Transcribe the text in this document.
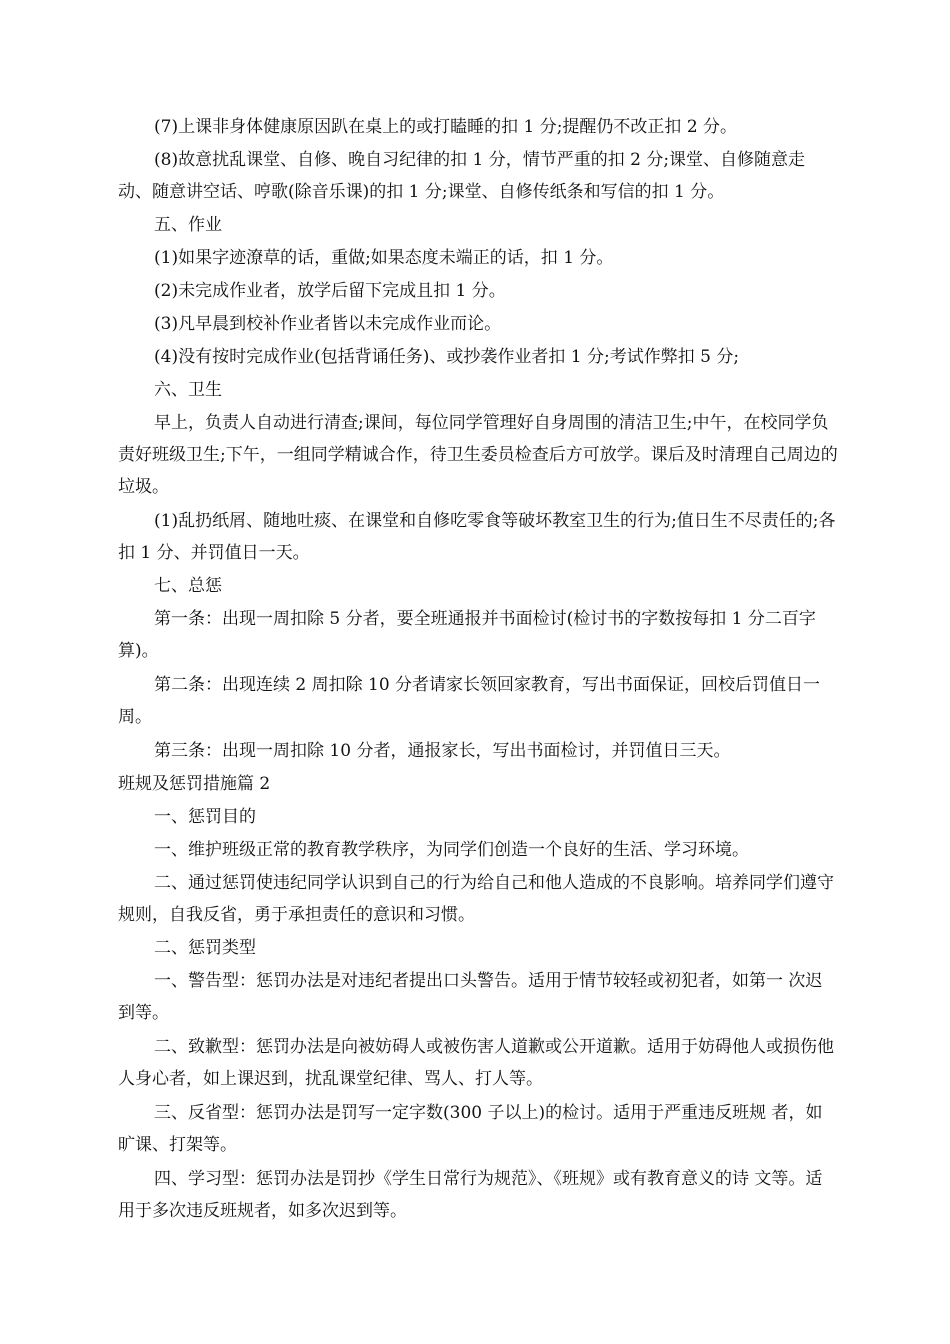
(7)上课非身体健康原因趴在桌上的或打瞌睡的扣 1 分;提醒仍不改正扣 2 分。
(8)故意扰乱课堂、自修、晚自习纪律的扣 1 分，情节严重的扣 2 分;课堂、自修随意走动、随意讲空话、哼歌(除音乐课)的扣 1 分;课堂、自修传纸条和写信的扣 1 分。
五、作业
(1)如果字迹潦草的话，重做;如果态度未端正的话，扣 1 分。
(2)未完成作业者，放学后留下完成且扣 1 分。
(3)凡早晨到校补作业者皆以未完成作业而论。
(4)没有按时完成作业(包括背诵任务)、或抄袭作业者扣 1 分;考试作弊扣 5 分;
六、卫生
早上，负责人自动进行清查;课间，每位同学管理好自身周围的清洁卫生;中午，在校同学负责好班级卫生;下午，一组同学精诚合作，待卫生委员检查后方可放学。课后及时清理自己周边的垃圾。
(1)乱扔纸屑、随地吐痰、在课堂和自修吃零食等破坏教室卫生的行为;值日生不尽责任的;各扣 1 分、并罚值日一天。
七、总惩
第一条：出现一周扣除 5 分者，要全班通报并书面检讨(检讨书的字数按每扣 1 分二百字算)。
第二条：出现连续 2 周扣除 10 分者请家长领回家教育，写出书面保证，回校后罚值日一周。
第三条：出现一周扣除 10 分者，通报家长，写出书面检讨，并罚值日三天。
班规及惩罚措施篇 2
一、惩罚目的
一、维护班级正常的教育教学秩序，为同学们创造一个良好的生活、学习环境。
二、通过惩罚使违纪同学认识到自己的行为给自己和他人造成的不良影响。培养同学们遵守规则，自我反省，勇于承担责任的意识和习惯。
二、惩罚类型
一、警告型：惩罚办法是对违纪者提出口头警告。适用于情节较轻或初犯者，如第一 次迟到等。
二、致歉型：惩罚办法是向被妨碍人或被伤害人道歉或公开道歉。适用于妨碍他人或损伤他人身心者，如上课迟到，扰乱课堂纪律、骂人、打人等。
三、反省型：惩罚办法是罚写一定字数(300 子以上)的检讨。适用于严重违反班规 者，如旷课、打架等。
四、学习型：惩罚办法是罚抄《学生日常行为规范》、《班规》或有教育意义的诗 文等。适用于多次违反班规者，如多次迟到等。
